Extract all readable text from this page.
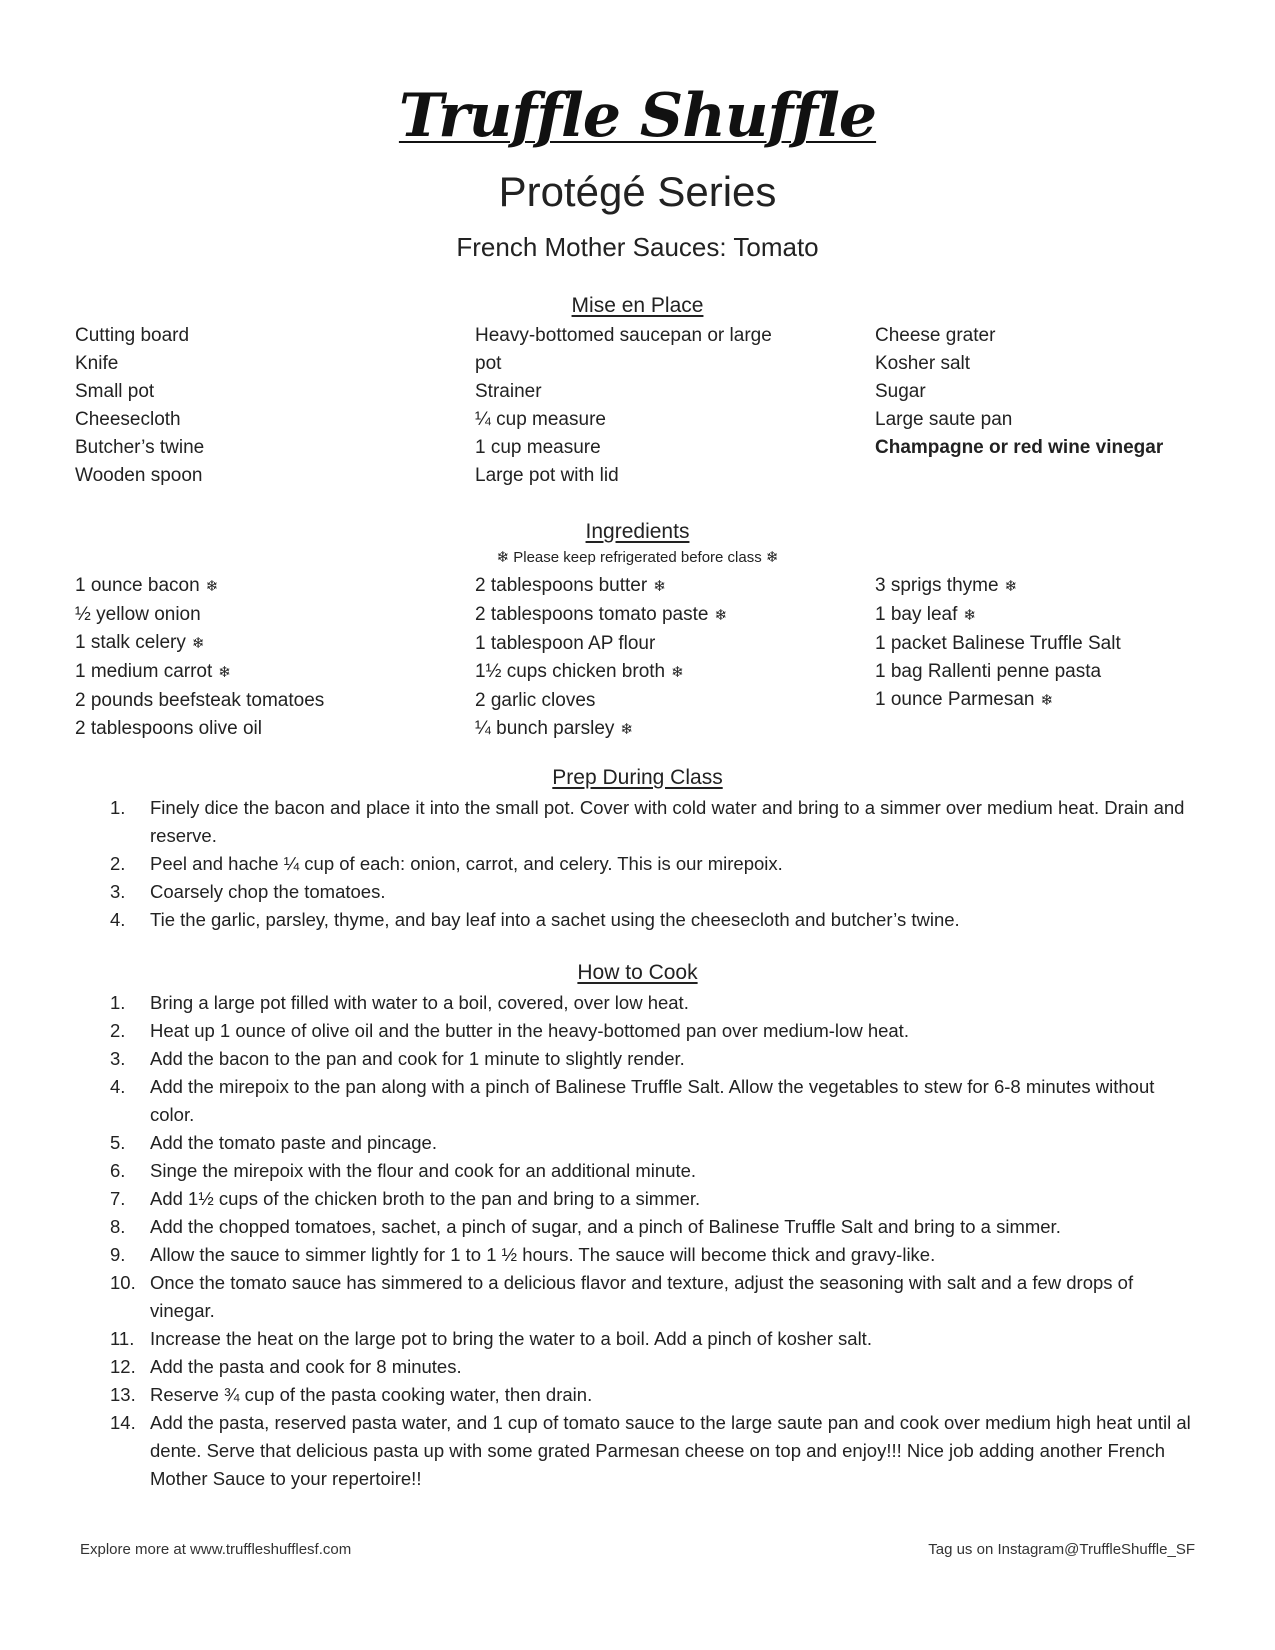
Truffle Shuffle
Protégé Series
French Mother Sauces: Tomato
Mise en Place
Cutting board
Knife
Small pot
Cheesecloth
Butcher’s twine
Wooden spoon
Heavy-bottomed saucepan or large
pot
Strainer
¼ cup measure
1 cup measure
Large pot with lid
Cheese grater
Kosher salt
Sugar
Large saute pan
Champagne or red wine vinegar
Ingredients
❄ Please keep refrigerated before class ❄
1 ounce bacon ❄
½ yellow onion
1 stalk celery ❄
1 medium carrot ❄
2 pounds beefsteak tomatoes
2 tablespoons olive oil
2 tablespoons butter ❄
2 tablespoons tomato paste ❄
1 tablespoon AP flour
1½ cups chicken broth ❄
2 garlic cloves
¼ bunch parsley ❄
3 sprigs thyme ❄
1 bay leaf ❄
1 packet Balinese Truffle Salt
1 bag Rallenti penne pasta
1 ounce Parmesan ❄
Prep During Class
1. Finely dice the bacon and place it into the small pot. Cover with cold water and bring to a simmer over medium heat. Drain and reserve.
2. Peel and hache ¼ cup of each: onion, carrot, and celery. This is our mirepoix.
3. Coarsely chop the tomatoes.
4. Tie the garlic, parsley, thyme, and bay leaf into a sachet using the cheesecloth and butcher’s twine.
How to Cook
1. Bring a large pot filled with water to a boil, covered, over low heat.
2. Heat up 1 ounce of olive oil and the butter in the heavy-bottomed pan over medium-low heat.
3. Add the bacon to the pan and cook for 1 minute to slightly render.
4. Add the mirepoix to the pan along with a pinch of Balinese Truffle Salt. Allow the vegetables to stew for 6-8 minutes without color.
5. Add the tomato paste and pincage.
6. Singe the mirepoix with the flour and cook for an additional minute.
7. Add 1½ cups of the chicken broth to the pan and bring to a simmer.
8. Add the chopped tomatoes, sachet, a pinch of sugar, and a pinch of Balinese Truffle Salt and bring to a simmer.
9. Allow the sauce to simmer lightly for 1 to 1 ½ hours. The sauce will become thick and gravy-like.
10. Once the tomato sauce has simmered to a delicious flavor and texture, adjust the seasoning with salt and a few drops of vinegar.
11. Increase the heat on the large pot to bring the water to a boil. Add a pinch of kosher salt.
12. Add the pasta and cook for 8 minutes.
13. Reserve ¾ cup of the pasta cooking water, then drain.
14. Add the pasta, reserved pasta water, and 1 cup of tomato sauce to the large saute pan and cook over medium high heat until al dente. Serve that delicious pasta up with some grated Parmesan cheese on top and enjoy!!! Nice job adding another French Mother Sauce to your repertoire!!
Explore more at www.truffleshufflesf.com	Tag us on Instagram@TruffleShuffle_SF
